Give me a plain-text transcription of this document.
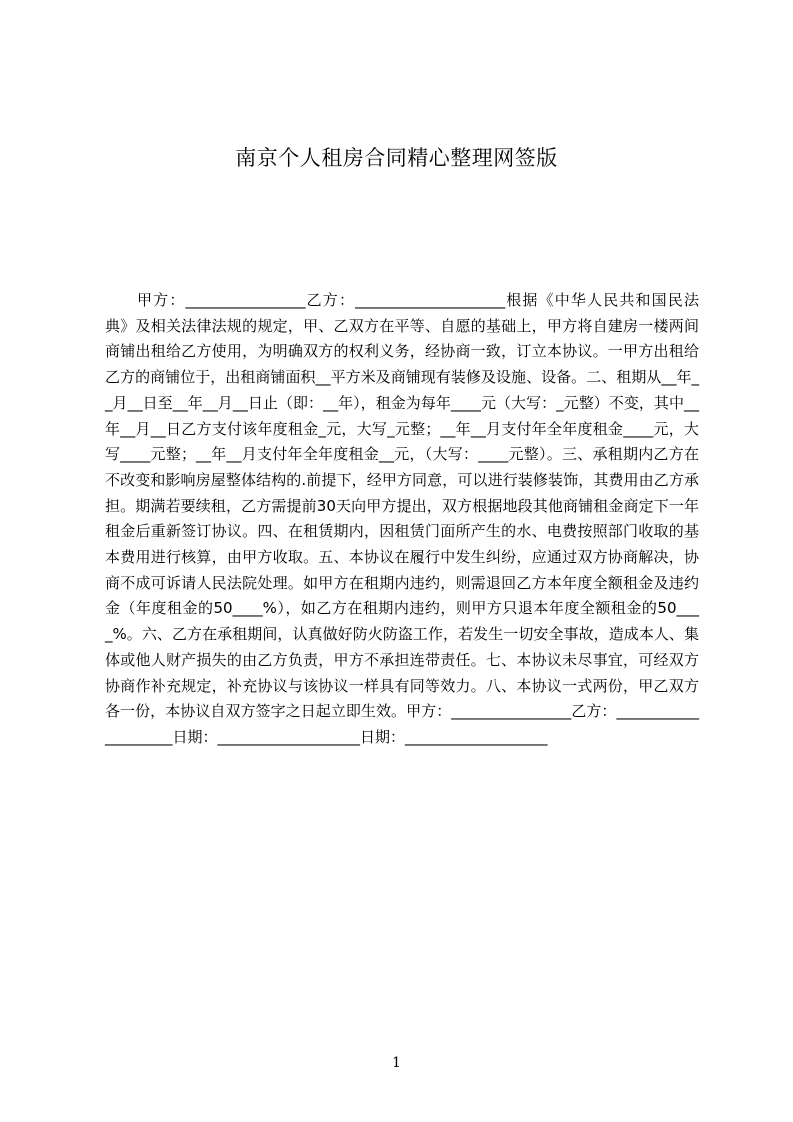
南京个人租房合同精心整理网签版

甲方：________________乙方：____________________根据《中华人民共和国民法典》及相关法律法规的规定，甲、乙双方在平等、自愿的基础上，甲方将自建房一楼两间商铺出租给乙方使用，为明确双方的权利义务，经协商一致，订立本协议。一甲方出租给乙方的商铺位于，出租商铺面积__平方米及商铺现有装修及设施、设备。二、租期从__年__月__日至__年__月__日止（即：__年），租金为每年____元（大写：_元整）不变，其中__年__月__日乙方支付该年度租金_元，大写_元整；__年__月支付年全年度租金____元，大写____元整；__年__月支付年全年度租金__元，（大写：____元整）。三、承租期内乙方在不改变和影响房屋整体结构的.前提下，经甲方同意，可以进行装修装饰，其费用由乙方承担。期满若要续租，乙方需提前30天向甲方提出，双方根据地段其他商铺租金商定下一年租金后重新签订协议。四、在租赁期内，因租赁门面所产生的水、电费按照部门收取的基本费用进行核算，由甲方收取。五、本协议在履行中发生纠纷，应通过双方协商解决，协商不成可诉请人民法院处理。如甲方在租期内违约，则需退回乙方本年度全额租金及违约金（年度租金的50____%），如乙方在租期内违约，则甲方只退本年度全额租金的50____%。六、乙方在承租期间，认真做好防火防盗工作，若发生一切安全事故，造成本人、集体或他人财产损失的由乙方负责，甲方不承担连带责任。七、本协议未尽事宜，可经双方协商作补充规定，补充协议与该协议一样具有同等效力。八、本协议一式两份，甲乙双方各一份，本协议自双方签字之日起立即生效。甲方：________________乙方：____________________日期：___________________日期：___________________

1
